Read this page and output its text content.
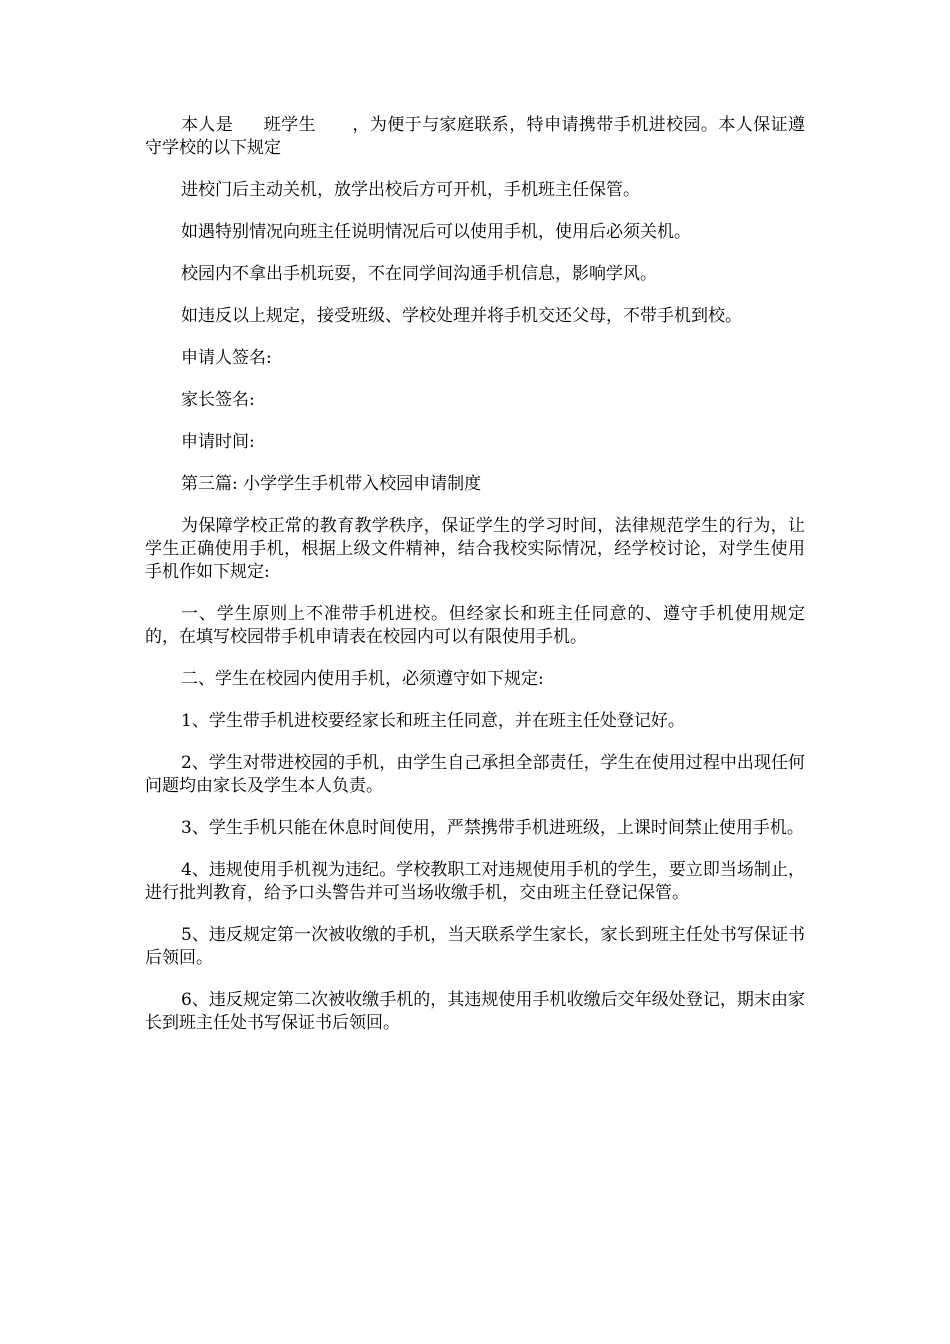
本人是 班学生 ，为便于与家庭联系，特申请携带手机进校园。本人保证遵守学校的以下规定

进校门后主动关机，放学出校后方可开机，手机班主任保管。

如遇特别情况向班主任说明情况后可以使用手机，使用后必须关机。

校园内不拿出手机玩耍，不在同学间沟通手机信息，影响学风。

如违反以上规定，接受班级、学校处理并将手机交还父母，不带手机到校。

申请人签名:

家长签名:

申请时间:

第三篇: 小学学生手机带入校园申请制度

为保障学校正常的教育教学秩序，保证学生的学习时间，法律规范学生的行为，让学生正确使用手机，根据上级文件精神，结合我校实际情况，经学校讨论，对学生使用手机作如下规定:

一、学生原则上不准带手机进校。但经家长和班主任同意的、遵守手机使用规定的，在填写校园带手机申请表在校园内可以有限使用手机。

二、学生在校园内使用手机，必须遵守如下规定:

1、学生带手机进校要经家长和班主任同意，并在班主任处登记好。

2、学生对带进校园的手机，由学生自己承担全部责任，学生在使用过程中出现任何问题均由家长及学生本人负责。

3、学生手机只能在休息时间使用，严禁携带手机进班级，上课时间禁止使用手机。

4、违规使用手机视为违纪。学校教职工对违规使用手机的学生，要立即当场制止，进行批判教育，给予口头警告并可当场收缴手机，交由班主任登记保管。

5、违反规定第一次被收缴的手机，当天联系学生家长，家长到班主任处书写保证书后领回。

6、违反规定第二次被收缴手机的，其违规使用手机收缴后交年级处登记，期末由家长到班主任处书写保证书后领回。
